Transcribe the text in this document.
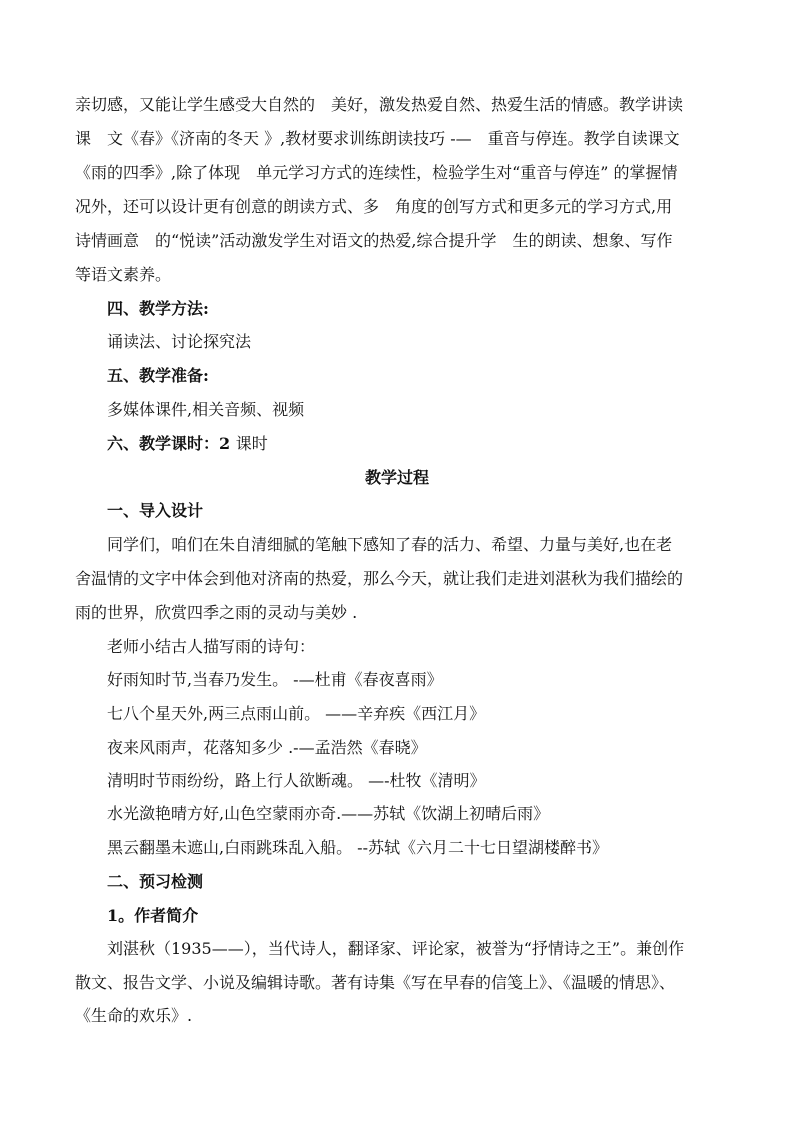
亲切感，又能让学生感受大自然的　美好，激发热爱自然、热爱生活的情感。教学讲读
课　文《春》《济南的冬天 》,教材要求训练朗读技巧 -—　重音与停连。教学自读课文
《雨的四季》,除了体现　单元学习方式的连续性，检验学生对“重音与停连” 的掌握情
况外，还可以设计更有创意的朗读方式、多　角度的创写方式和更多元的学习方式,用
诗情画意　的“悦读”活动激发学生对语文的热爱,综合提升学　生的朗读、想象、写作
等语文素养。
四、教学方法:
诵读法、讨论探究法
五、教学准备:
多媒体课件,相关音频、视频
六、教学课时：2 课时
教学过程
一、导入设计
同学们，咱们在朱自清细腻的笔触下感知了春的活力、希望、力量与美好,也在老
舍温情的文字中体会到他对济南的热爱，那么今天，就让我们走进刘湛秋为我们描绘的
雨的世界，欣赏四季之雨的灵动与美妙 .
老师小结古人描写雨的诗句：
好雨知时节,当春乃发生。 -—杜甫《春夜喜雨》
七八个星天外,两三点雨山前。 ——辛弃疾《西江月》
夜来风雨声，花落知多少 .-—孟浩然《春晓》
清明时节雨纷纷，路上行人欲断魂。 —-杜牧《清明》
水光潋艳晴方好,山色空蒙雨亦奇.——苏轼《饮湖上初晴后雨》
黑云翻墨未遮山,白雨跳珠乱入船。 --苏轼《六月二十七日望湖楼醉书》
二、预习检测
1。作者简介
刘湛秋（1935——），当代诗人，翻译家、评论家，被誉为“抒情诗之王”。兼创作
散文、报告文学、小说及编辑诗歌。著有诗集《写在早春的信笺上》、《温暖的情思》、
《生命的欢乐》.
